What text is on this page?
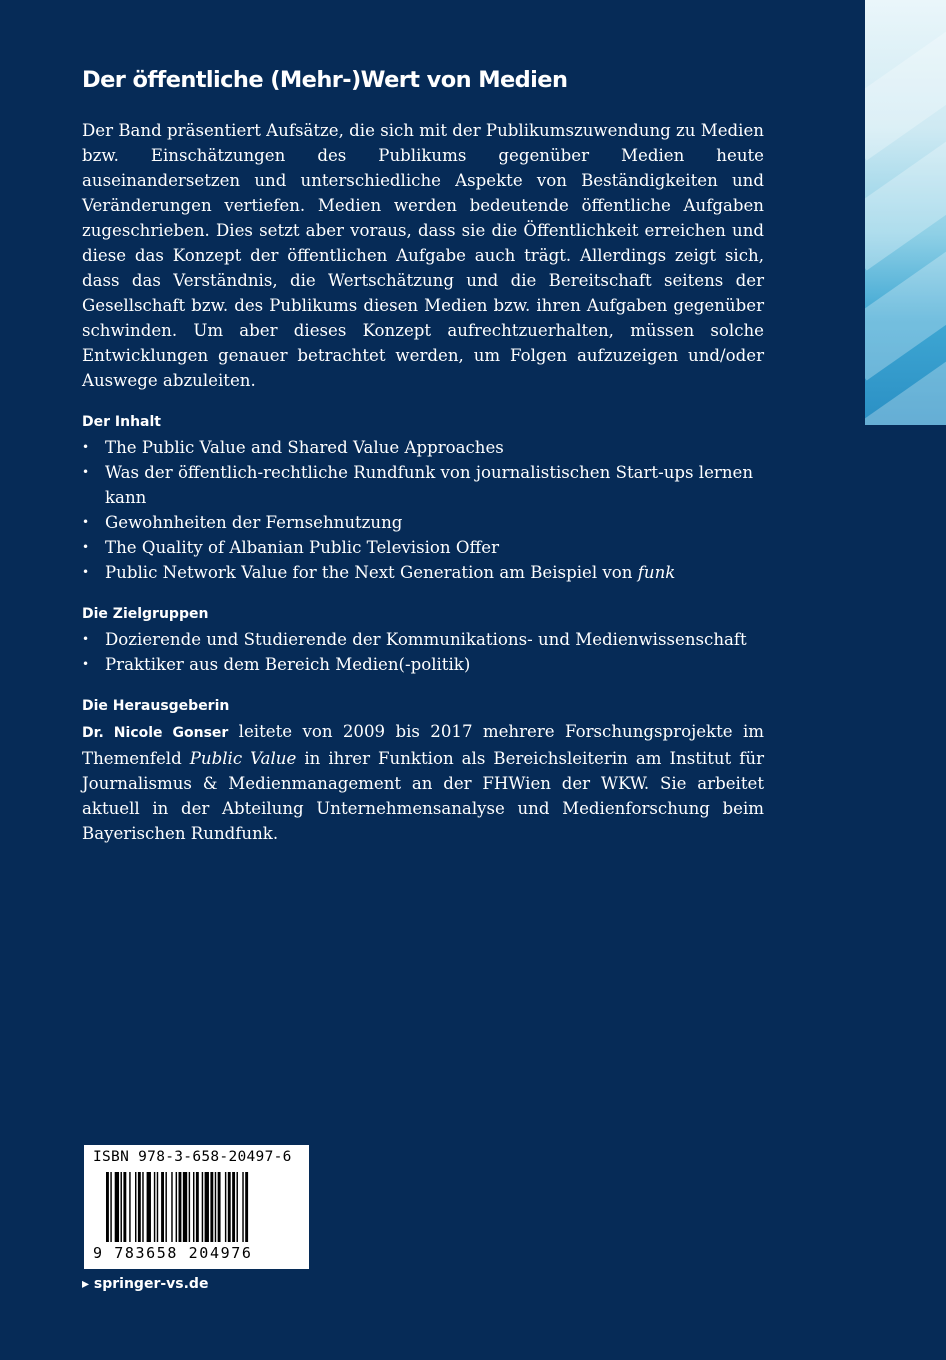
Der öffentliche (Mehr-)Wert von Medien

Der Band präsentiert Aufsätze, die sich mit der Publikumszuwendung zu Medien bzw. Einschätzungen des Publikums gegenüber Medien heute auseinandersetzen und unterschiedliche Aspekte von Beständigkeiten und Veränderungen vertiefen. Medien werden bedeutende öffentliche Aufgaben zugeschrieben. Dies setzt aber voraus, dass sie die Öffentlichkeit erreichen und diese das Konzept der öffentlichen Aufgabe auch trägt. Allerdings zeigt sich, dass das Verständnis, die Wertschätzung und die Bereitschaft seitens der Gesellschaft bzw. des Publikums diesen Medien bzw. ihren Aufgaben gegenüber schwinden. Um aber dieses Konzept aufrechtzuerhalten, müssen solche Entwicklungen genauer betrachtet werden, um Folgen aufzuzeigen und/oder Auswege abzuleiten.

Der Inhalt
• The Public Value and Shared Value Approaches
• Was der öffentlich-rechtliche Rundfunk von journalistischen Start-ups lernen kann
• Gewohnheiten der Fernsehnutzung
• The Quality of Albanian Public Television Offer
• Public Network Value for the Next Generation am Beispiel von funk
Die Zielgruppen
• Dozierende und Studierende der Kommunikations- und Medienwissenschaft
• Praktiker aus dem Bereich Medien(-politik)
Die Herausgeberin

Dr. Nicole Gonser leitete von 2009 bis 2017 mehrere Forschungsprojekte im Themenfeld Public Value in ihrer Funktion als Bereichsleiterin am Institut für Journalismus & Medienmanagement an der FHWien der WKW. Sie arbeitet aktuell in der Abteilung Unternehmensanalyse und Medienforschung beim Bayerischen Rundfunk.

ISBN 978-3-658-20497-6
9 783658 204976
▸ springer-vs.de
